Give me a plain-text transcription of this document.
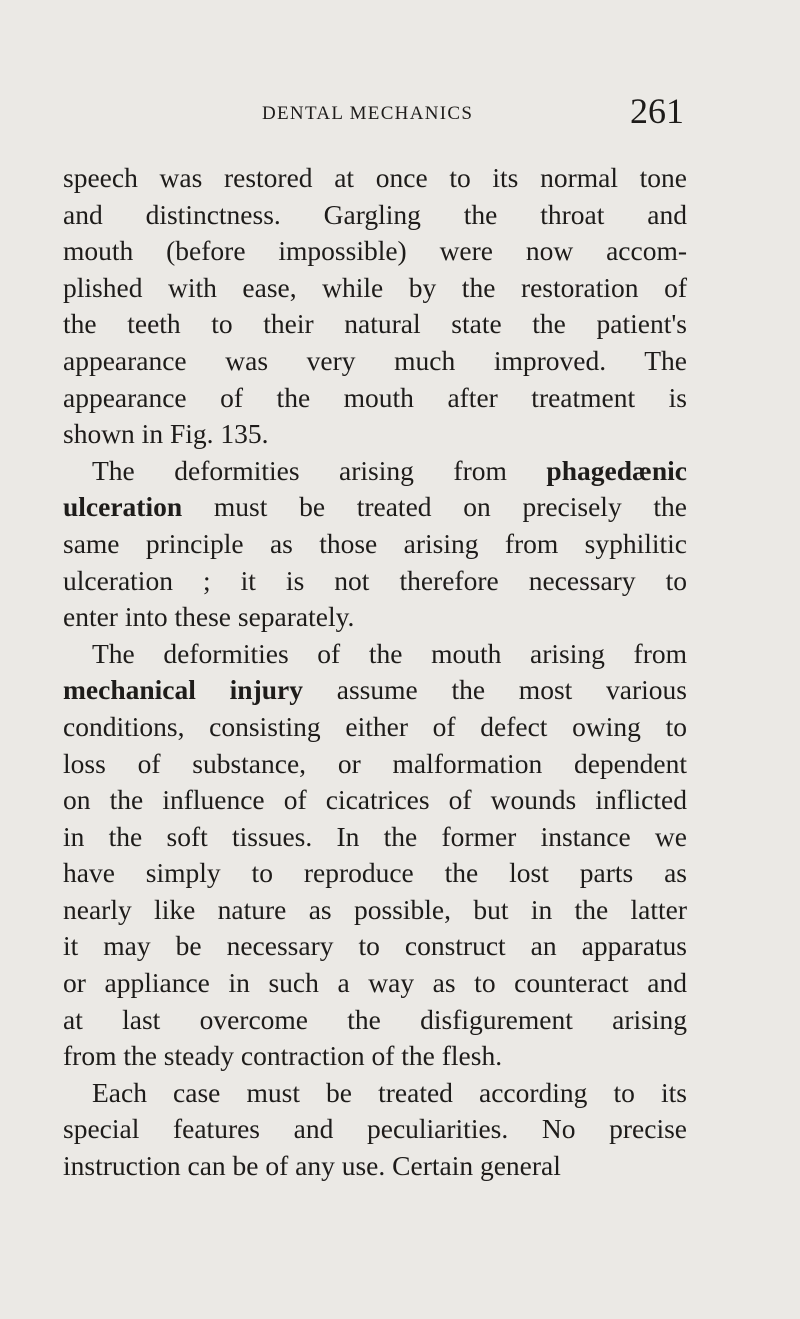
DENTAL MECHANICS	261
speech was restored at once to its normal tone
and distinctness. Gargling the throat and
mouth (before impossible) were now accom-
plished with ease, while by the restoration of
the teeth to their natural state the patient's
appearance was very much improved. The
appearance of the mouth after treatment is
shown in Fig. 135.
The deformities arising from phagedænic
ulceration must be treated on precisely the
same principle as those arising from syphilitic
ulceration ; it is not therefore necessary to
enter into these separately.
The deformities of the mouth arising from
mechanical injury assume the most various
conditions, consisting either of defect owing to
loss of substance, or malformation dependent
on the influence of cicatrices of wounds inflicted
in the soft tissues. In the former instance we
have simply to reproduce the lost parts as
nearly like nature as possible, but in the latter
it may be necessary to construct an apparatus
or appliance in such a way as to counteract and
at last overcome the disfigurement arising
from the steady contraction of the flesh.
Each case must be treated according to its
special features and peculiarities. No precise
instruction can be of any use. Certain general
